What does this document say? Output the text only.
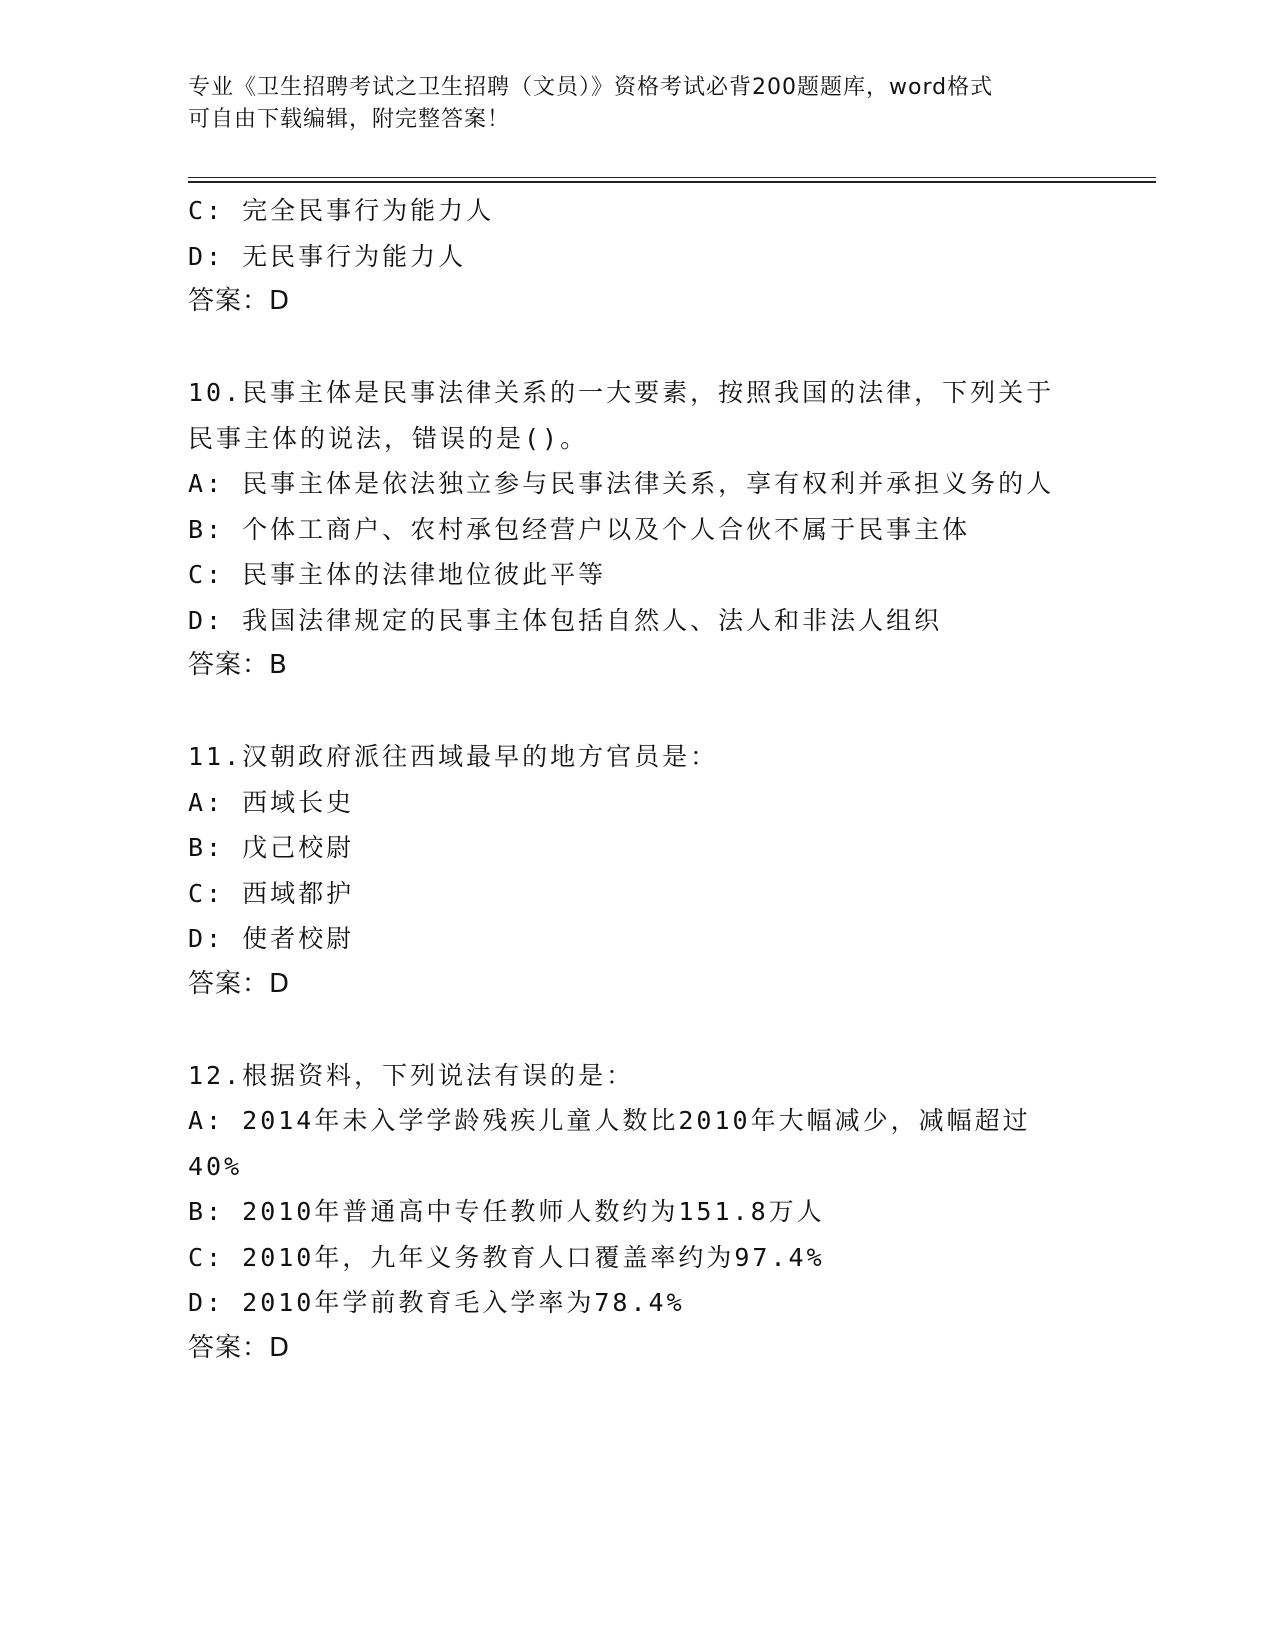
专业《卫生招聘考试之卫生招聘（文员）》资格考试必背200题题库，word格式
可自由下载编辑，附完整答案！
C: 完全民事行为能力人
D: 无民事行为能力人
答案：D
10.民事主体是民事法律关系的一大要素，按照我国的法律，下列关于
民事主体的说法，错误的是()。
A: 民事主体是依法独立参与民事法律关系，享有权利并承担义务的人
B: 个体工商户、农村承包经营户以及个人合伙不属于民事主体
C: 民事主体的法律地位彼此平等
D: 我国法律规定的民事主体包括自然人、法人和非法人组织
答案：B
11.汉朝政府派往西域最早的地方官员是：
A: 西域长史
B: 戊己校尉
C: 西域都护
D: 使者校尉
答案：D
12.根据资料，下列说法有误的是：
A: 2014年未入学学龄残疾儿童人数比2010年大幅减少，减幅超过
40%
B: 2010年普通高中专任教师人数约为151.8万人
C: 2010年，九年义务教育人口覆盖率约为97.4%
D: 2010年学前教育毛入学率为78.4%
答案：D
